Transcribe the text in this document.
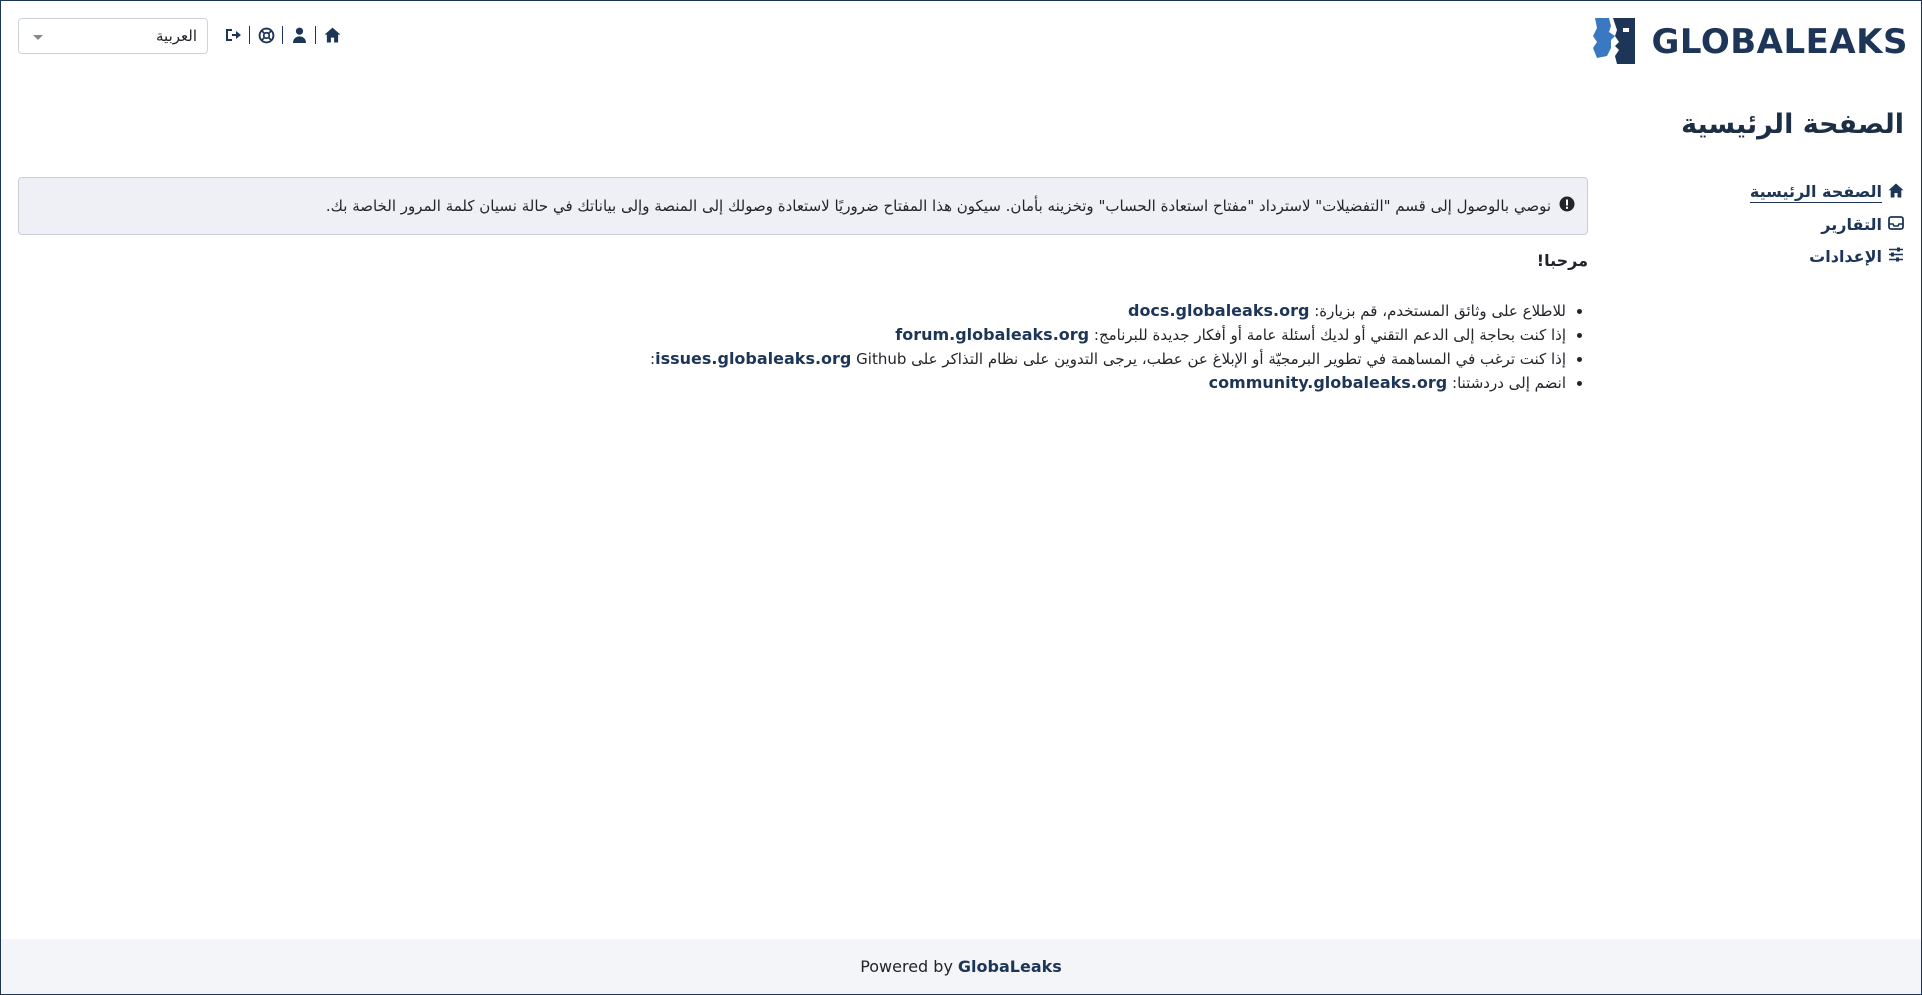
العربية	GLOBALEAKS
الصفحة الرئيسية
الصفحة الرئيسية
التقارير
الإعدادات
نوصي بالوصول إلى قسم "التفضيلات" لاسترداد "مفتاح استعادة الحساب" وتخزينه بأمان. سيكون هذا المفتاح ضروريًا لاستعادة وصولك إلى المنصة وإلى بياناتك في حالة نسيان كلمة المرور الخاصة بك.
مرحبا!
• للاطلاع على وثائق المستخدم، قم بزيارة: docs.globaleaks.org
• إذا كنت بحاجة إلى الدعم التقني أو لديك أسئلة عامة أو أفكار جديدة للبرنامج: forum.globaleaks.org
• إذا كنت ترغب في المساهمة في تطوير البرمجيّة أو الإبلاغ عن عطب، يرجى التدوين على نظام التذاكر على issues.globaleaks.org Github:
• انضم إلى دردشتنا: community.globaleaks.org
Powered by GlobaLeaks
